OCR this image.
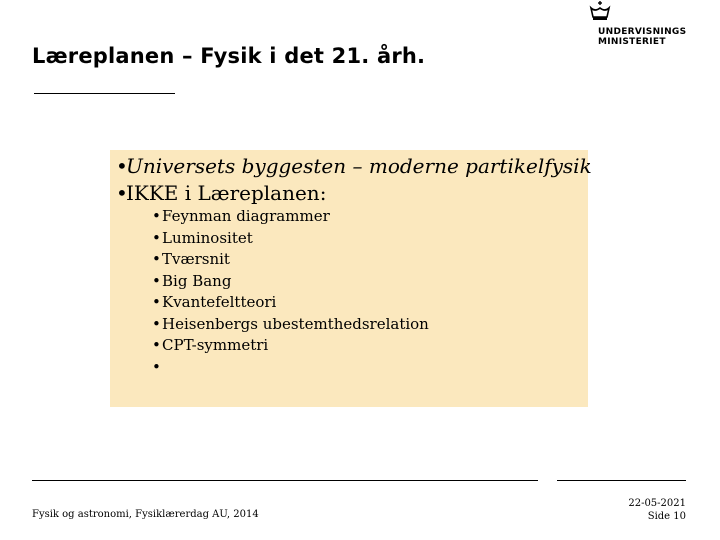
Læreplanen – Fysik i det 21. årh.
UNDERVISNINGS
MINISTERIET
•Universets byggesten – moderne partikelfysik
•IKKE i Læreplanen:
•Feynman diagrammer
•Luminositet
•Tværsnit
•Big Bang
•Kvantefeltteori
•Heisenbergs ubestemthedsrelation
•CPT-symmetri
•
Fysik og astronomi, Fysiklærerdag AU, 2014
22-05-2021
Side 10
